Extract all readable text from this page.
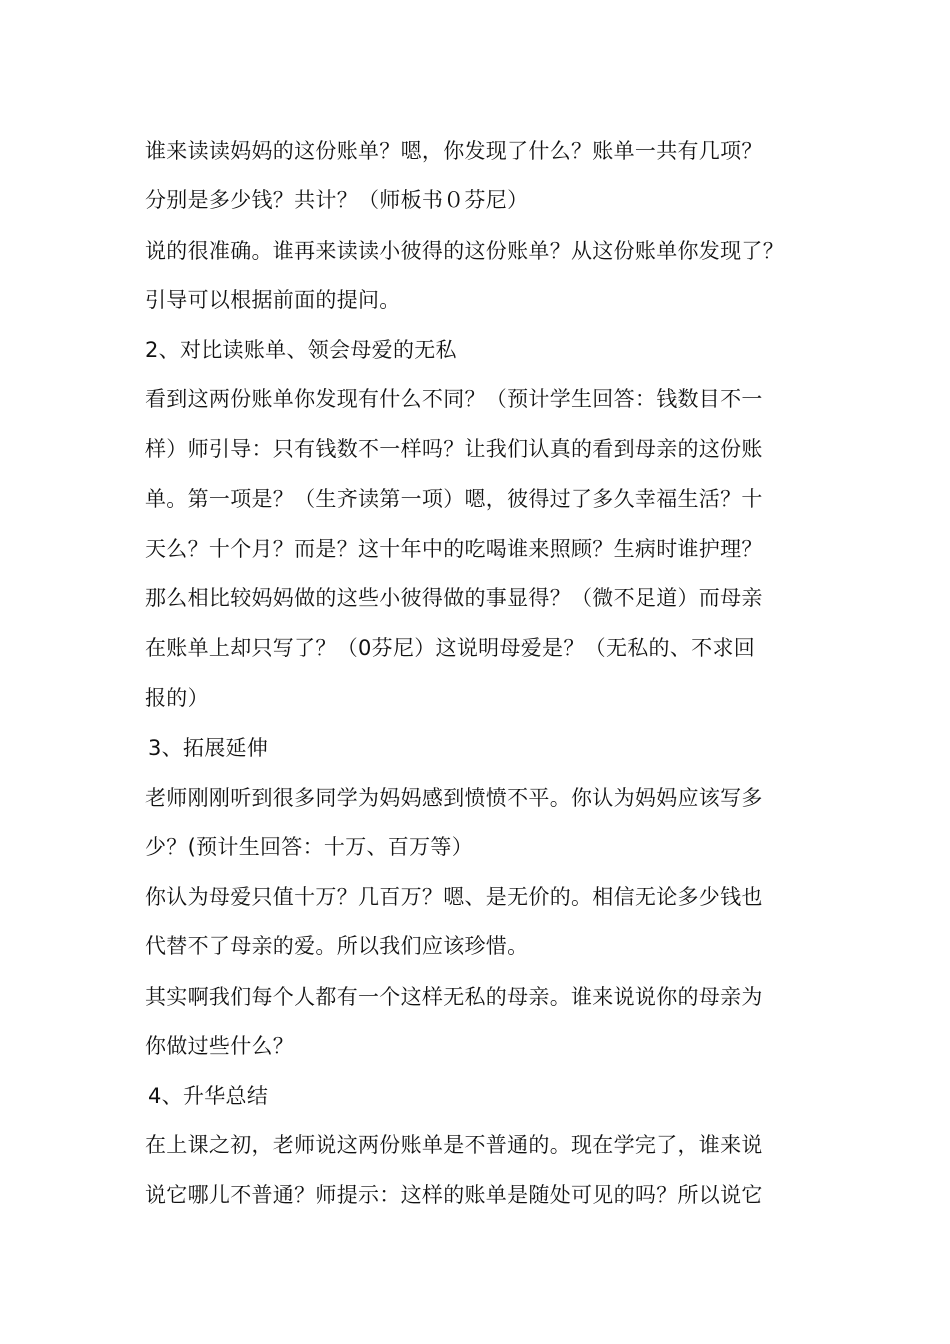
谁来读读妈妈的这份账单？嗯，你发现了什么？账单一共有几项？
分别是多少钱？共计？（师板书０芬尼）
说的很准确。谁再来读读小彼得的这份账单？从这份账单你发现了？
引导可以根据前面的提问。
2、对比读账单、领会母爱的无私
看到这两份账单你发现有什么不同？（预计学生回答：钱数目不一
样）师引导：只有钱数不一样吗？让我们认真的看到母亲的这份账
单。第一项是？（生齐读第一项）嗯，彼得过了多久幸福生活？十
天么？十个月？而是？这十年中的吃喝谁来照顾？生病时谁护理？
那么相比较妈妈做的这些小彼得做的事显得？（微不足道）而母亲
在账单上却只写了？（0芬尼）这说明母爱是？（无私的、不求回
报的）
3、拓展延伸
老师刚刚听到很多同学为妈妈感到愤愤不平。你认为妈妈应该写多
少？(预计生回答：十万、百万等）
你认为母爱只值十万？几百万？嗯、是无价的。相信无论多少钱也
代替不了母亲的爱。所以我们应该珍惜。
其实啊我们每个人都有一个这样无私的母亲。谁来说说你的母亲为
你做过些什么？
4、升华总结
在上课之初，老师说这两份账单是不普通的。现在学完了，谁来说
说它哪儿不普通？师提示：这样的账单是随处可见的吗？所以说它
